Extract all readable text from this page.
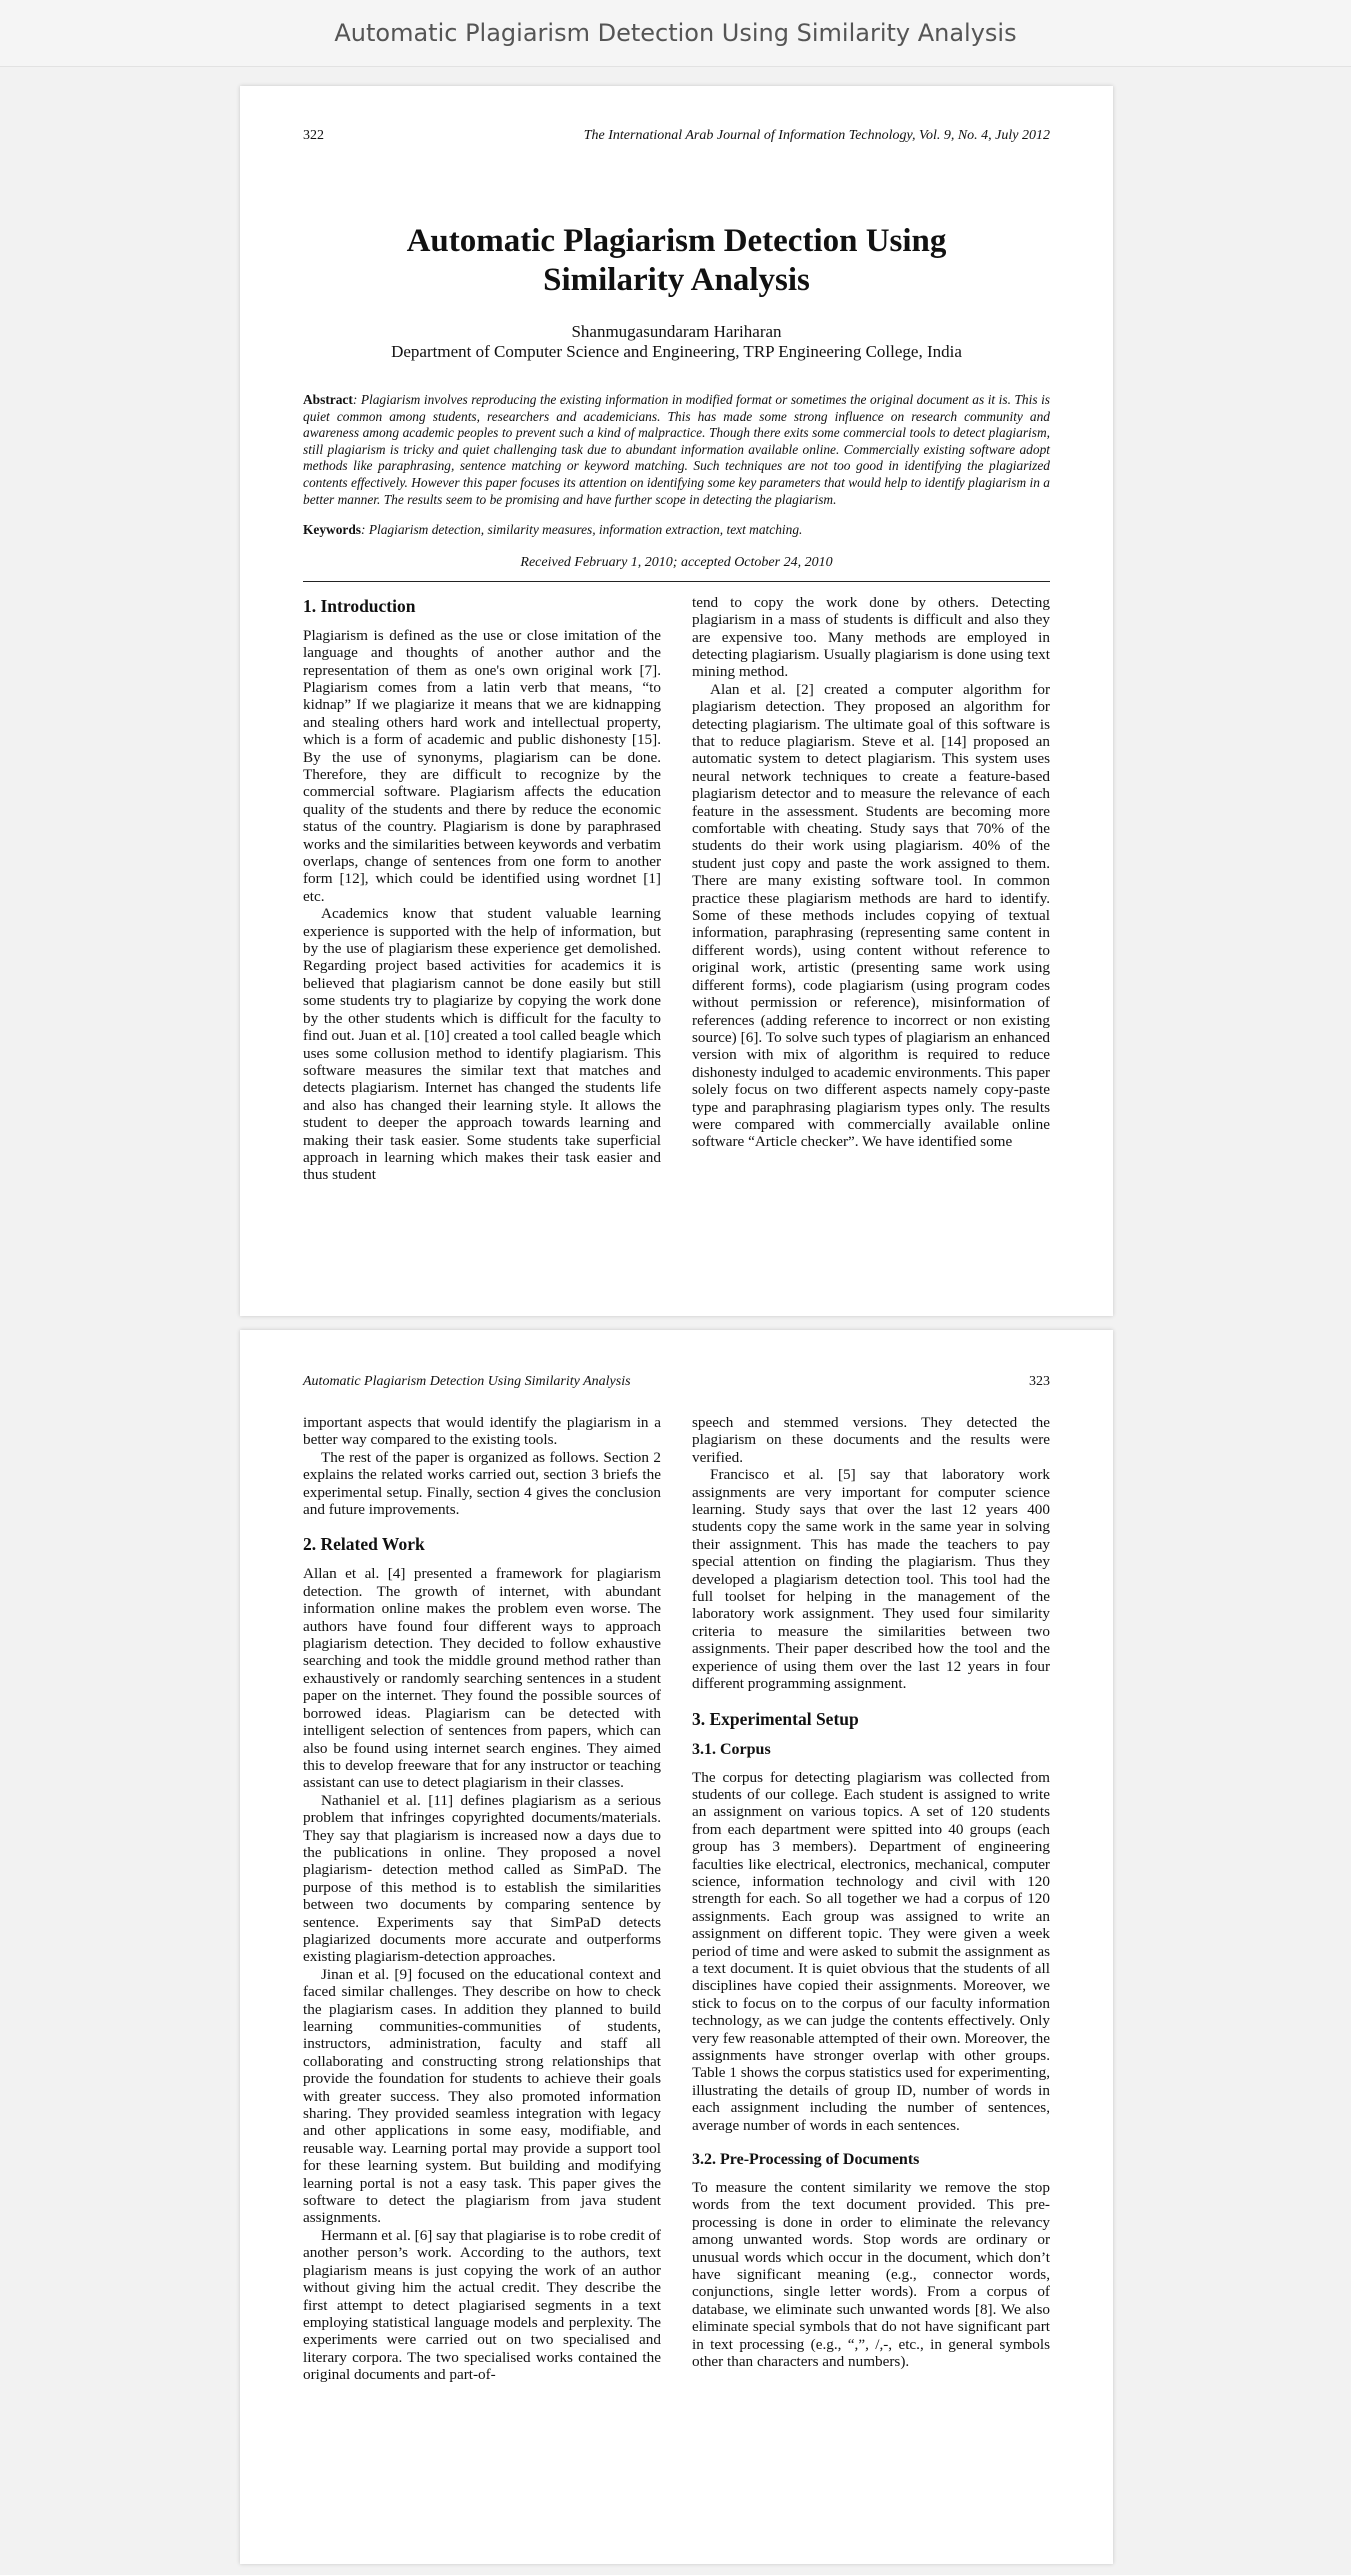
Automatic Plagiarism Detection Using Similarity Analysis
322	The International Arab Journal of Information Technology, Vol. 9, No. 4, July 2012
Automatic Plagiarism Detection Using Similarity Analysis
Shanmugasundaram Hariharan
Department of Computer Science and Engineering, TRP Engineering College, India
Abstract: Plagiarism involves reproducing the existing information in modified format or sometimes the original document as it is. This is quiet common among students, researchers and academicians. This has made some strong influence on research community and awareness among academic peoples to prevent such a kind of malpractice. Though there exits some commercial tools to detect plagiarism, still plagiarism is tricky and quiet challenging task due to abundant information available online. Commercially existing software adopt methods like paraphrasing, sentence matching or keyword matching. Such techniques are not too good in identifying the plagiarized contents effectively. However this paper focuses its attention on identifying some key parameters that would help to identify plagiarism in a better manner. The results seem to be promising and have further scope in detecting the plagiarism.
Keywords: Plagiarism detection, similarity measures, information extraction, text matching.
Received February 1, 2010; accepted October 24, 2010
1. Introduction

Plagiarism is defined as the use or close imitation of the language and thoughts of another author and the representation of them as one's own original work [7]. Plagiarism comes from a latin verb that means, “to kidnap” If we plagiarize it means that we are kidnapping and stealing others hard work and intellectual property, which is a form of academic and public dishonesty [15]. By the use of synonyms, plagiarism can be done. Therefore, they are difficult to recognize by the commercial software. Plagiarism affects the education quality of the students and there by reduce the economic status of the country. Plagiarism is done by paraphrased works and the similarities between keywords and verbatim overlaps, change of sentences from one form to another form [12], which could be identified using wordnet [1] etc.

Academics know that student valuable learning experience is supported with the help of information, but by the use of plagiarism these experience get demolished. Regarding project based activities for academics it is believed that plagiarism cannot be done easily but still some students try to plagiarize by copying the work done by the other students which is difficult for the faculty to find out. Juan et al. [10] created a tool called beagle which uses some collusion method to identify plagiarism. This software measures the similar text that matches and detects plagiarism. Internet has changed the students life and also has changed their learning style. It allows the student to deeper the approach towards learning and making their task easier. Some students take superficial approach in learning which makes their task easier and thus student

tend to copy the work done by others. Detecting plagiarism in a mass of students is difficult and also they are expensive too. Many methods are employed in detecting plagiarism. Usually plagiarism is done using text mining method.

Alan et al. [2] created a computer algorithm for plagiarism detection. They proposed an algorithm for detecting plagiarism. The ultimate goal of this software is that to reduce plagiarism. Steve et al. [14] proposed an automatic system to detect plagiarism. This system uses neural network techniques to create a feature-based plagiarism detector and to measure the relevance of each feature in the assessment. Students are becoming more comfortable with cheating. Study says that 70% of the students do their work using plagiarism. 40% of the student just copy and paste the work assigned to them. There are many existing software tool. In common practice these plagiarism methods are hard to identify. Some of these methods includes copying of textual information, paraphrasing (representing same content in different words), using content without reference to original work, artistic (presenting same work using different forms), code plagiarism (using program codes without permission or reference), misinformation of references (adding reference to incorrect or non existing source) [6]. To solve such types of plagiarism an enhanced version with mix of algorithm is required to reduce dishonesty indulged to academic environments. This paper solely focus on two different aspects namely copy-paste type and paraphrasing plagiarism types only. The results were compared with commercially available online software “Article checker”. We have identified some

Automatic Plagiarism Detection Using Similarity Analysis	323

important aspects that would identify the plagiarism in a better way compared to the existing tools.

The rest of the paper is organized as follows. Section 2 explains the related works carried out, section 3 briefs the experimental setup. Finally, section 4 gives the conclusion and future improvements.

2. Related Work

Allan et al. [4] presented a framework for plagiarism detection. The growth of internet, with abundant information online makes the problem even worse. The authors have found four different ways to approach plagiarism detection. They decided to follow exhaustive searching and took the middle ground method rather than exhaustively or randomly searching sentences in a student paper on the internet. They found the possible sources of borrowed ideas. Plagiarism can be detected with intelligent selection of sentences from papers, which can also be found using internet search engines. They aimed this to develop freeware that for any instructor or teaching assistant can use to detect plagiarism in their classes.

Nathaniel et al. [11] defines plagiarism as a serious problem that infringes copyrighted documents/materials. They say that plagiarism is increased now a days due to the publications in online. They proposed a novel plagiarism- detection method called as SimPaD. The purpose of this method is to establish the similarities between two documents by comparing sentence by sentence. Experiments say that SimPaD detects plagiarized documents more accurate and outperforms existing plagiarism-detection approaches.

Jinan et al. [9] focused on the educational context and faced similar challenges. They describe on how to check the plagiarism cases. In addition they planned to build learning communities-communities of students, instructors, administration, faculty and staff all collaborating and constructing strong relationships that provide the foundation for students to achieve their goals with greater success. They also promoted information sharing. They provided seamless integration with legacy and other applications in some easy, modifiable, and reusable way. Learning portal may provide a support tool for these learning system. But building and modifying learning portal is not a easy task. This paper gives the software to detect the plagiarism from java student assignments.

Hermann et al. [6] say that plagiarise is to robe credit of another person’s work. According to the authors, text plagiarism means is just copying the work of an author without giving him the actual credit. They describe the first attempt to detect plagiarised segments in a text employing statistical language models and perplexity. The experiments were carried out on two specialised and literary corpora. The two specialised works contained the original documents and part-of-

speech and stemmed versions. They detected the plagiarism on these documents and the results were verified.

Francisco et al. [5] say that laboratory work assignments are very important for computer science learning. Study says that over the last 12 years 400 students copy the same work in the same year in solving their assignment. This has made the teachers to pay special attention on finding the plagiarism. Thus they developed a plagiarism detection tool. This tool had the full toolset for helping in the management of the laboratory work assignment. They used four similarity criteria to measure the similarities between two assignments. Their paper described how the tool and the experience of using them over the last 12 years in four different programming assignment.

3. Experimental Setup
3.1. Corpus

The corpus for detecting plagiarism was collected from students of our college. Each student is assigned to write an assignment on various topics. A set of 120 students from each department were spitted into 40 groups (each group has 3 members). Department of engineering faculties like electrical, electronics, mechanical, computer science, information technology and civil with 120 strength for each. So all together we had a corpus of 120 assignments. Each group was assigned to write an assignment on different topic. They were given a week period of time and were asked to submit the assignment as a text document. It is quiet obvious that the students of all disciplines have copied their assignments. Moreover, we stick to focus on to the corpus of our faculty information technology, as we can judge the contents effectively. Only very few reasonable attempted of their own. Moreover, the assignments have stronger overlap with other groups. Table 1 shows the corpus statistics used for experimenting, illustrating the details of group ID, number of words in each assignment including the number of sentences, average number of words in each sentences.

3.2. Pre-Processing of Documents

To measure the content similarity we remove the stop words from the text document provided. This pre-processing is done in order to eliminate the relevancy among unwanted words. Stop words are ordinary or unusual words which occur in the document, which don’t have significant meaning (e.g., connector words, conjunctions, single letter words). From a corpus of database, we eliminate such unwanted words [8]. We also eliminate special symbols that do not have significant part in text processing (e.g., “,”, /,-, etc., in general symbols other than characters and numbers).
